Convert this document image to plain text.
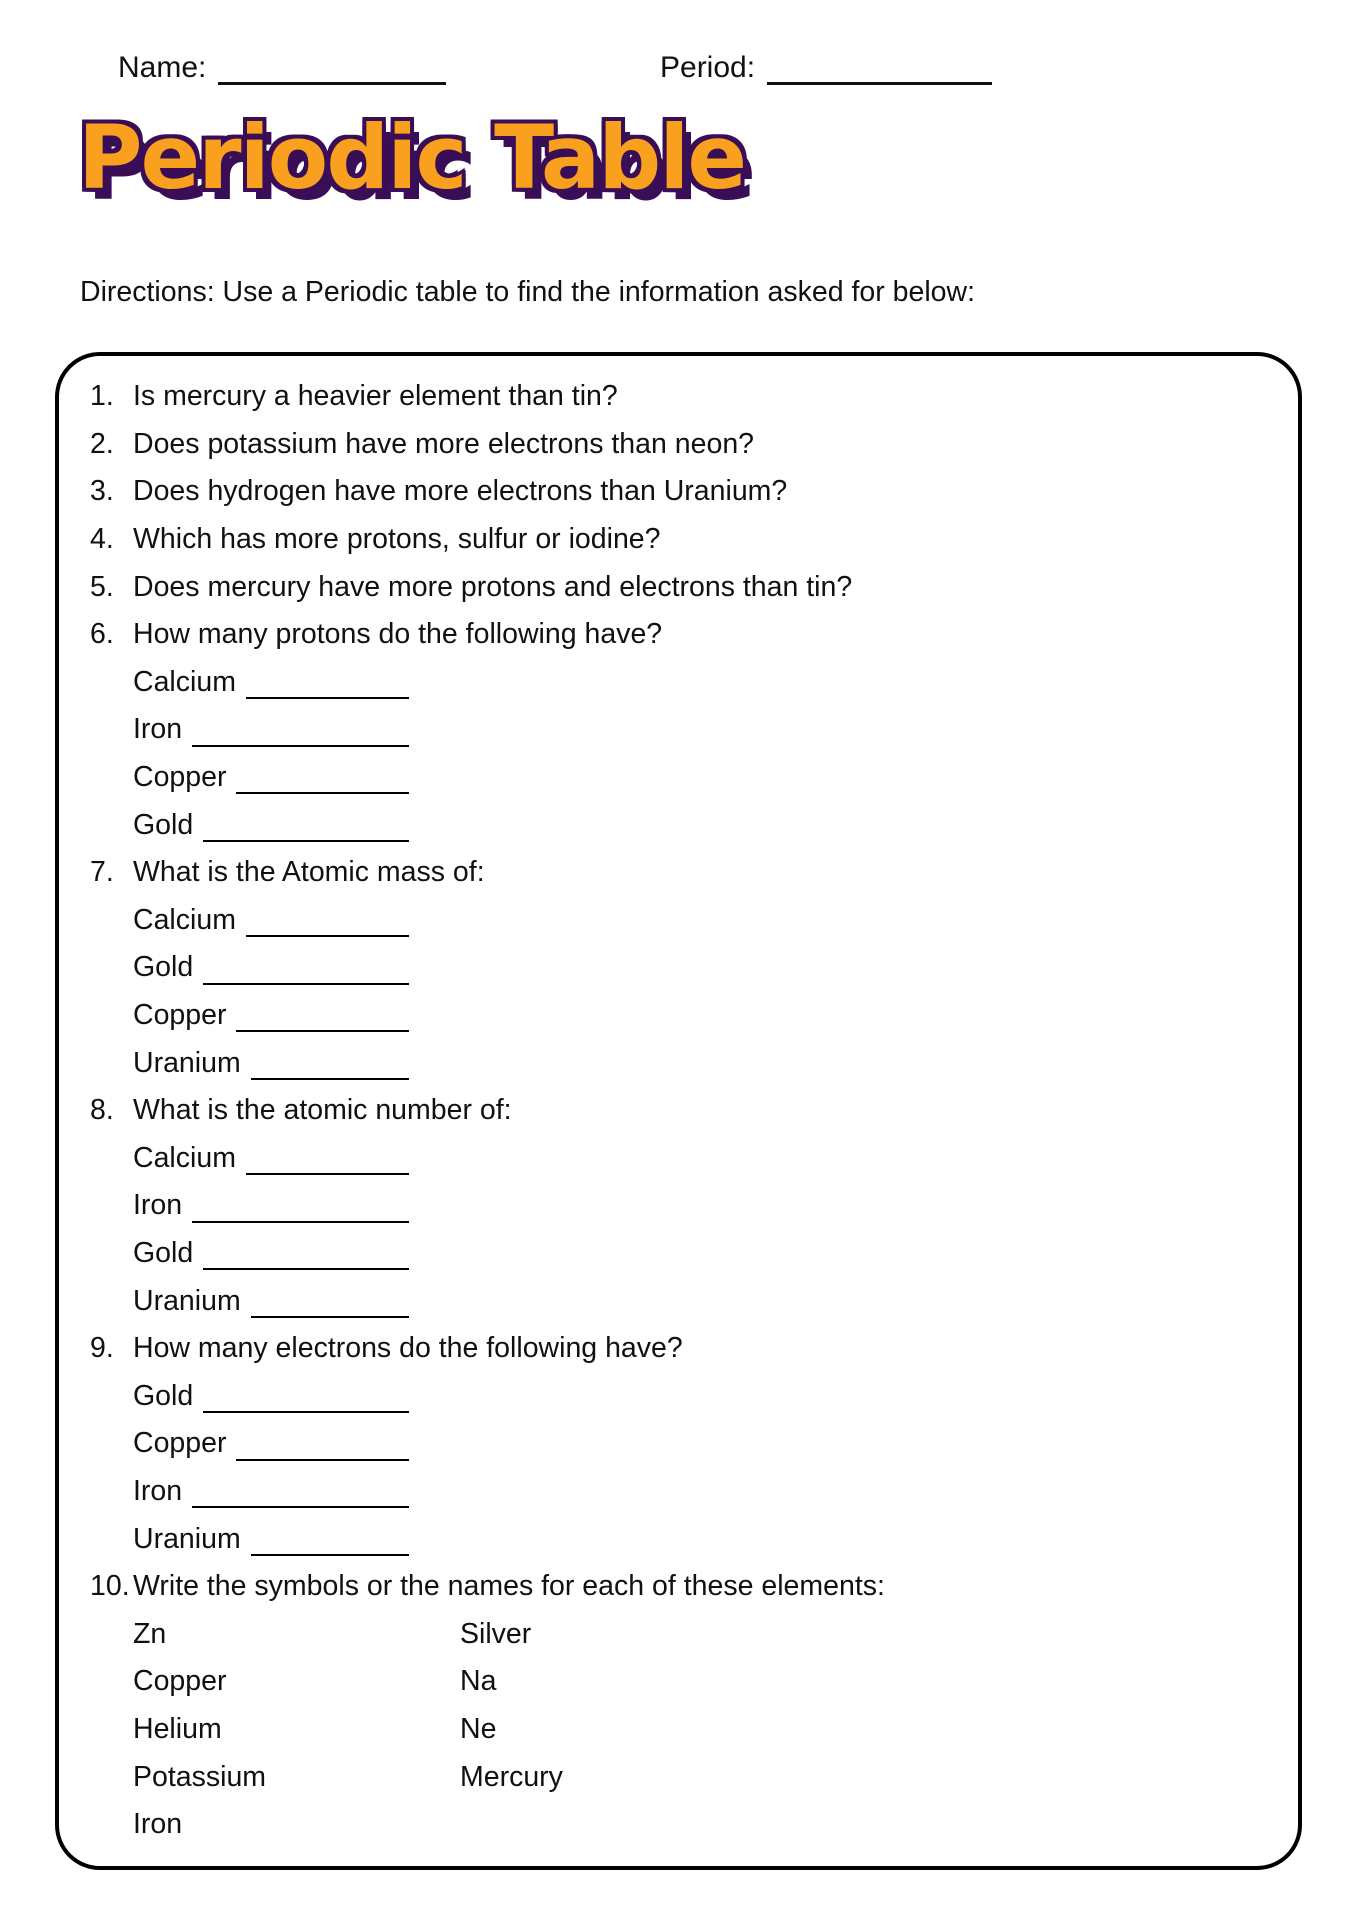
Name:	Period:
Periodic Table
Directions: Use a Periodic table to find the information asked for below:
1. Is mercury a heavier element than tin?
2. Does potassium have more electrons than neon?
3. Does hydrogen have more electrons than Uranium?
4. Which has more protons, sulfur or iodine?
5. Does mercury have more protons and electrons than tin?
6. How many protons do the following have?
Calcium
Iron
Copper
Gold
7. What is the Atomic mass of:
Calcium
Gold
Copper
Uranium
8. What is the atomic number of:
Calcium
Iron
Gold
Uranium
9. How many electrons do the following have?
Gold
Copper
Iron
Uranium
10. Write the symbols or the names for each of these elements:
Zn	Silver
Copper	Na
Helium	Ne
Potassium	Mercury
Iron
